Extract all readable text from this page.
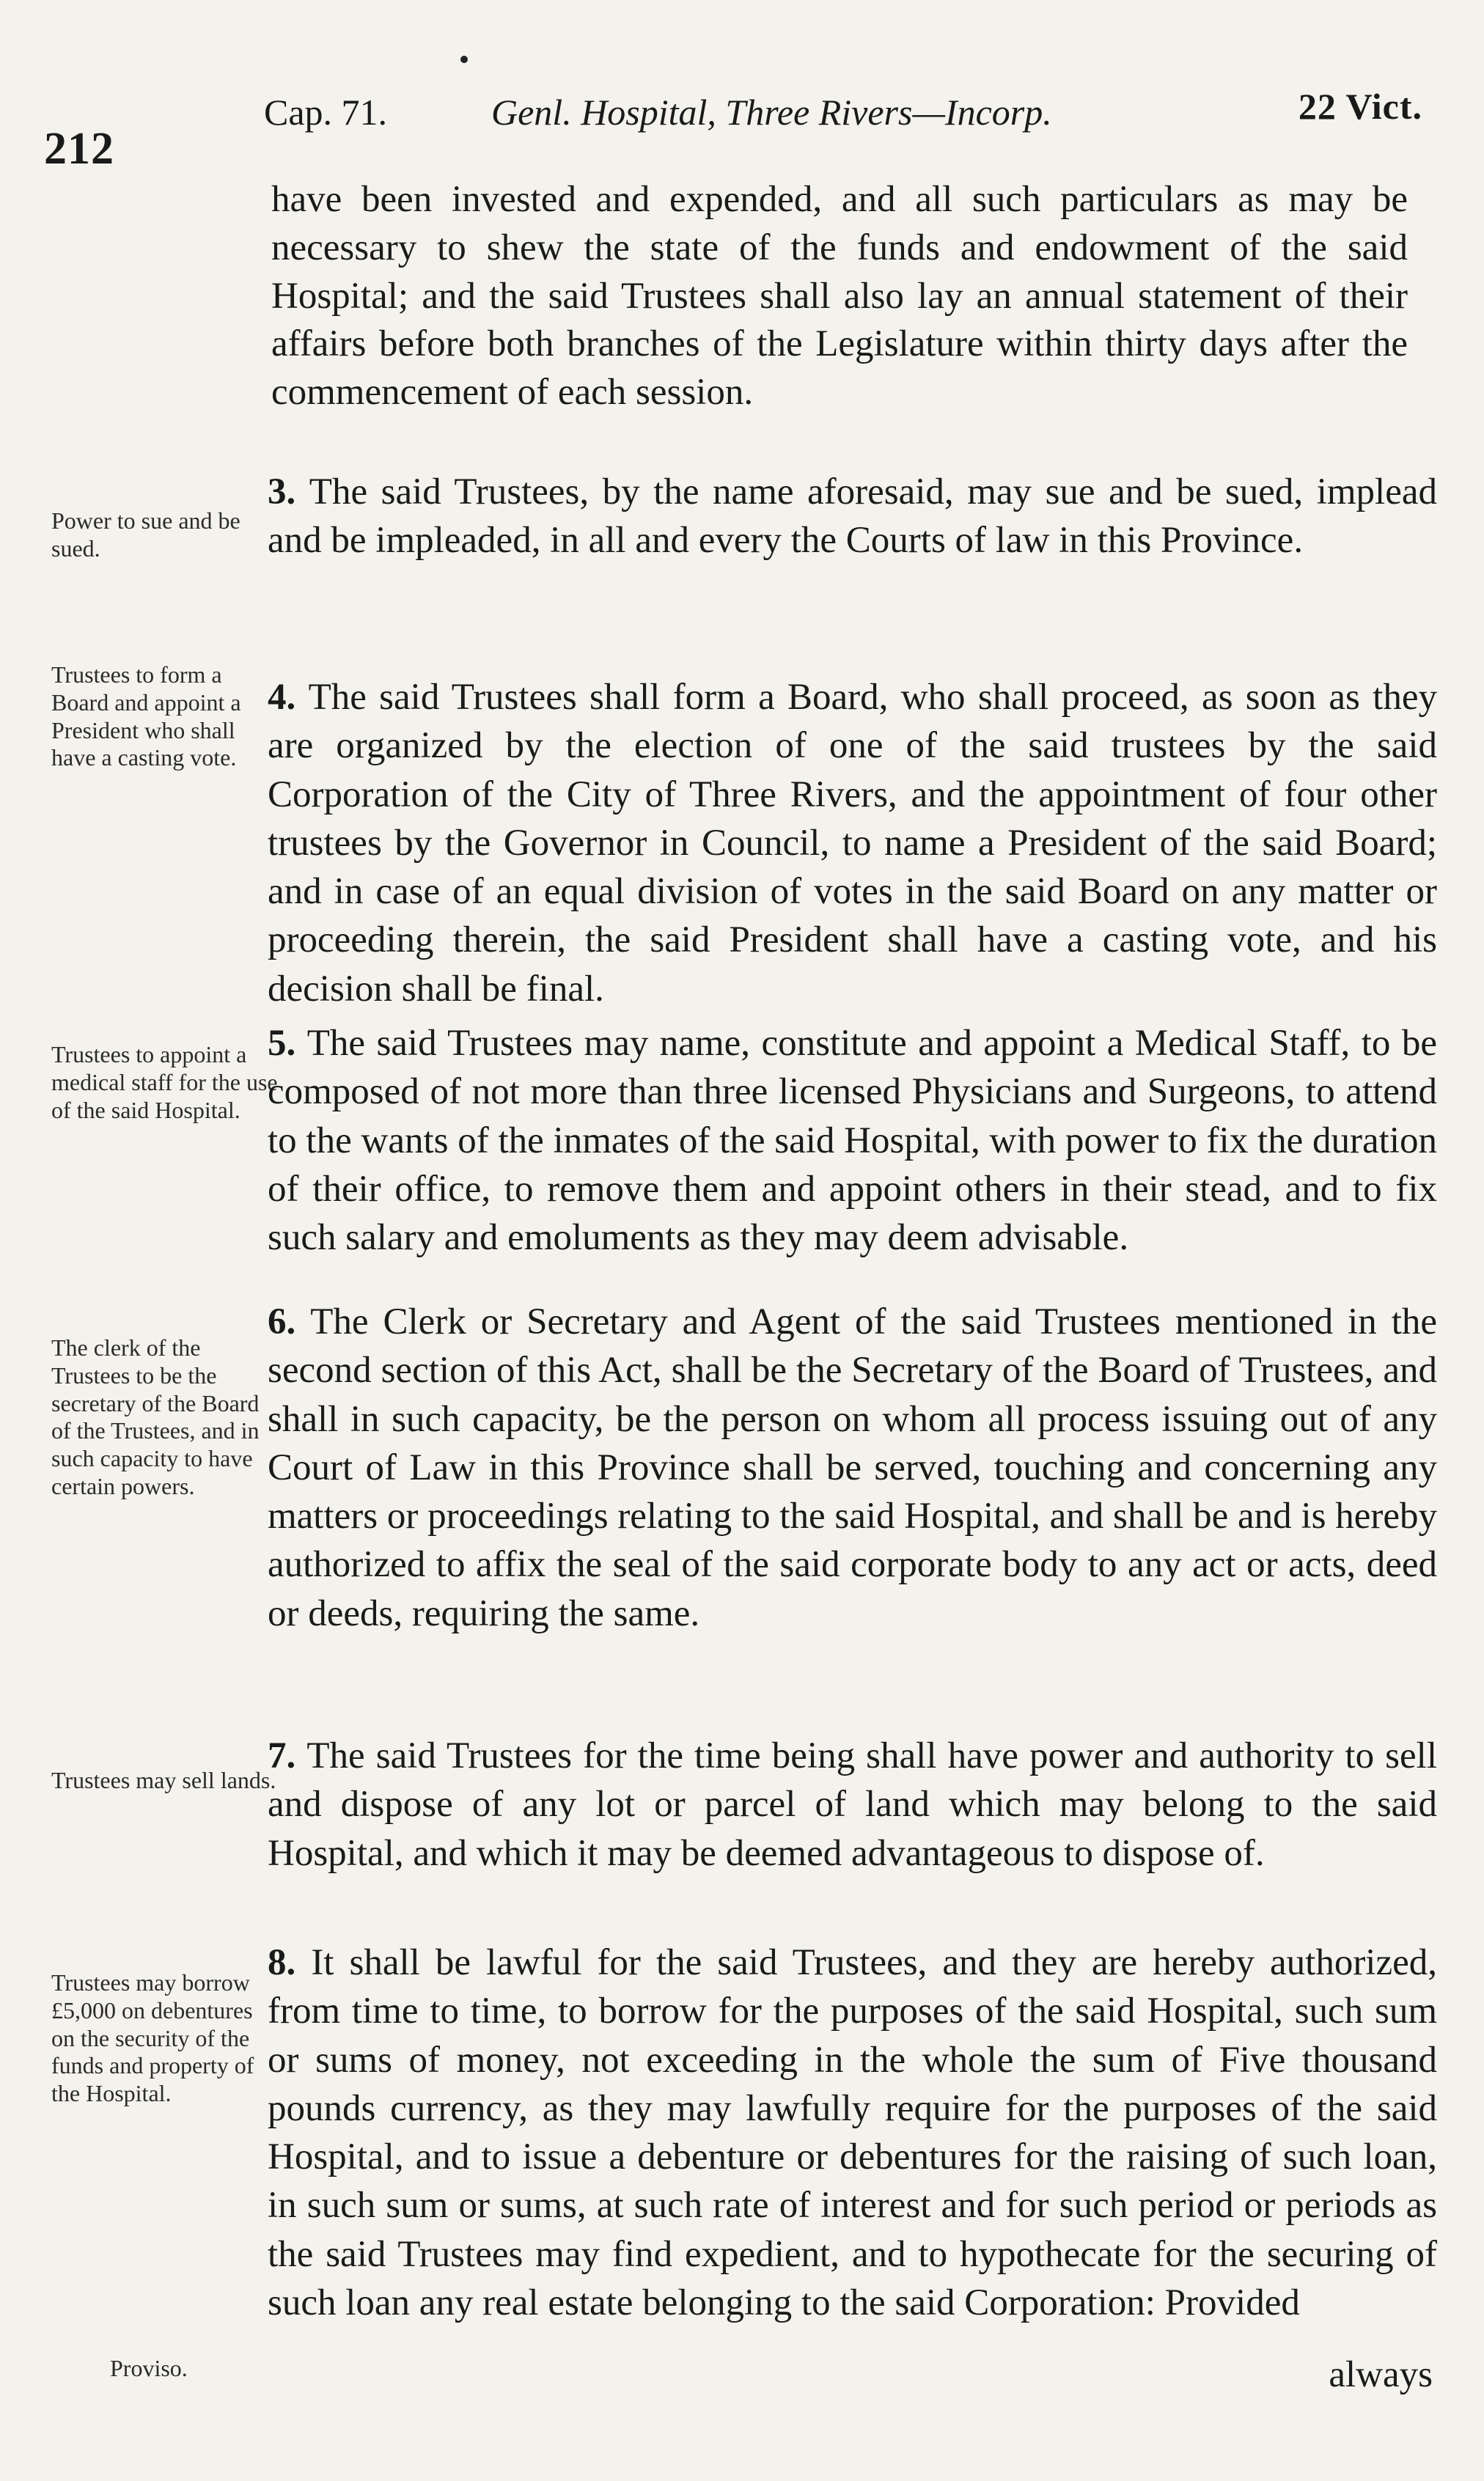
212
Cap. 71.	Genl. Hospital, Three Rivers—Incorp.	22 Vict.
have been invested and expended, and all such particulars as may be necessary to shew the state of the funds and endowment of the said Hospital; and the said Trustees shall also lay an annual statement of their affairs before both branches of the Legislature within thirty days after the commencement of each session.
Power to sue and be sued.
3. The said Trustees, by the name aforesaid, may sue and be sued, implead and be impleaded, in all and every the Courts of law in this Province.
Trustees to form a Board and appoint a President who shall have a casting vote.
4. The said Trustees shall form a Board, who shall proceed, as soon as they are organized by the election of one of the said trustees by the said Corporation of the City of Three Rivers, and the appointment of four other trustees by the Governor in Council, to name a President of the said Board; and in case of an equal division of votes in the said Board on any matter or proceeding therein, the said President shall have a casting vote, and his decision shall be final.
Trustees to appoint a medical staff for the use of the said Hospital.
5. The said Trustees may name, constitute and appoint a Medical Staff, to be composed of not more than three licensed Physicians and Surgeons, to attend to the wants of the inmates of the said Hospital, with power to fix the duration of their office, to remove them and appoint others in their stead, and to fix such salary and emoluments as they may deem advisable.
The clerk of the Trustees to be the secretary of the Board of the Trustees, and in such capacity to have certain powers.
6. The Clerk or Secretary and Agent of the said Trustees mentioned in the second section of this Act, shall be the Secretary of the Board of Trustees, and shall in such capacity, be the person on whom all process issuing out of any Court of Law in this Province shall be served, touching and concerning any matters or proceedings relating to the said Hospital, and shall be and is hereby authorized to affix the seal of the said corporate body to any act or acts, deed or deeds, requiring the same.
Trustees may sell lands.
7. The said Trustees for the time being shall have power and authority to sell and dispose of any lot or parcel of land which may belong to the said Hospital, and which it may be deemed advantageous to dispose of.
Trustees may borrow £5,000 on debentures on the security of the funds and property of the Hospital.
8. It shall be lawful for the said Trustees, and they are hereby authorized, from time to time, to borrow for the purposes of the said Hospital, such sum or sums of money, not exceeding in the whole the sum of Five thousand pounds currency, as they may lawfully require for the purposes of the said Hospital, and to issue a debenture or debentures for the raising of such loan, in such sum or sums, at such rate of interest and for such period or periods as the said Trustees may find expedient, and to hypothecate for the securing of such loan any real estate belonging to the said Corporation: Provided
Proviso.	always
